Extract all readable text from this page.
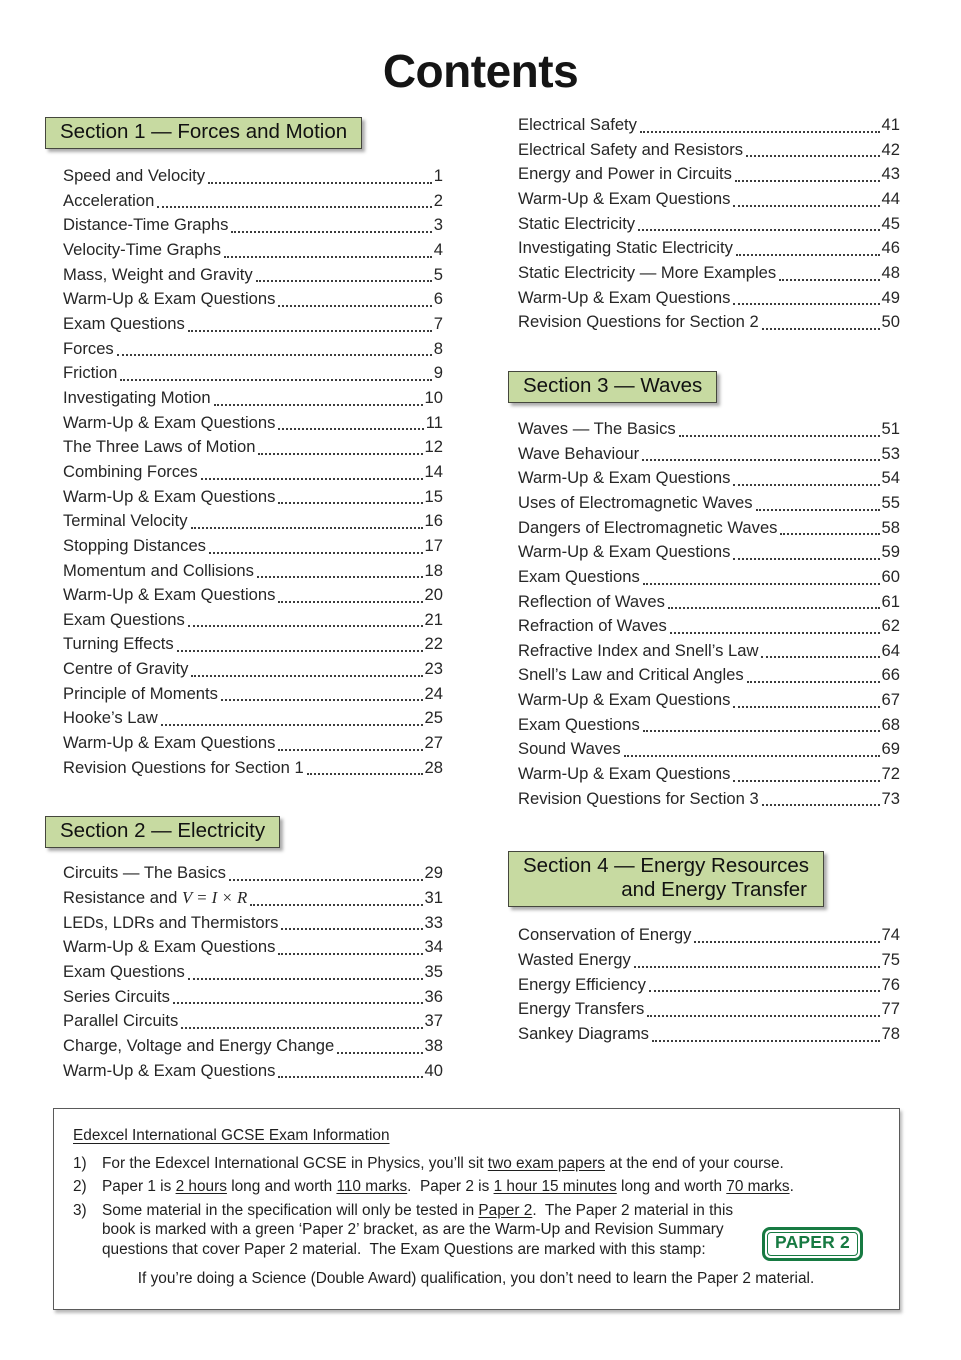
Contents
Section 1 — Forces and Motion
Speed and Velocity	1
Acceleration	2
Distance-Time Graphs	3
Velocity-Time Graphs	4
Mass, Weight and Gravity	5
Warm-Up & Exam Questions	6
Exam Questions	7
Forces	8
Friction	9
Investigating Motion	10
Warm-Up & Exam Questions	11
The Three Laws of Motion	12
Combining Forces	14
Warm-Up & Exam Questions	15
Terminal Velocity	16
Stopping Distances	17
Momentum and Collisions	18
Warm-Up & Exam Questions	20
Exam Questions	21
Turning Effects	22
Centre of Gravity	23
Principle of Moments	24
Hooke’s Law	25
Warm-Up & Exam Questions	27
Revision Questions for Section 1	28
Section 2 — Electricity
Circuits — The Basics	29
Resistance and V = I × R	31
LEDs, LDRs and Thermistors	33
Warm-Up & Exam Questions	34
Exam Questions	35
Series Circuits	36
Parallel Circuits	37
Charge, Voltage and Energy Change	38
Warm-Up & Exam Questions	40
Electrical Safety	41
Electrical Safety and Resistors	42
Energy and Power in Circuits	43
Warm-Up & Exam Questions	44
Static Electricity	45
Investigating Static Electricity	46
Static Electricity — More Examples	48
Warm-Up & Exam Questions	49
Revision Questions for Section 2	50
Section 3 — Waves
Waves — The Basics	51
Wave Behaviour	53
Warm-Up & Exam Questions	54
Uses of Electromagnetic Waves	55
Dangers of Electromagnetic Waves	58
Warm-Up & Exam Questions	59
Exam Questions	60
Reflection of Waves	61
Refraction of Waves	62
Refractive Index and Snell’s Law	64
Snell’s Law and Critical Angles	66
Warm-Up & Exam Questions	67
Exam Questions	68
Sound Waves	69
Warm-Up & Exam Questions	72
Revision Questions for Section 3	73
Section 4 — Energy Resources
and Energy Transfer
Conservation of Energy	74
Wasted Energy	75
Energy Efficiency	76
Energy Transfers	77
Sankey Diagrams	78
Edexcel International GCSE Exam Information
1) For the Edexcel International GCSE in Physics, you’ll sit two exam papers at the end of your course.
2) Paper 1 is 2 hours long and worth 110 marks.  Paper 2 is 1 hour 15 minutes long and worth 70 marks.
3) Some material in the specification will only be tested in Paper 2.  The Paper 2 material in this book is marked with a green ‘Paper 2’ bracket, as are the Warm-Up and Revision Summary questions that cover Paper 2 material.  The Exam Questions are marked with this stamp:	PAPER 2
If you’re doing a Science (Double Award) qualification, you don’t need to learn the Paper 2 material.
